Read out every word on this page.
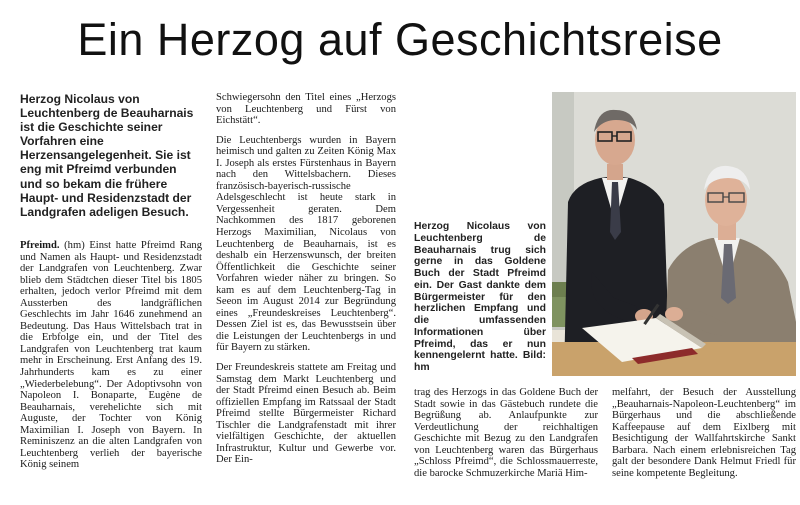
Ein Herzog auf Geschichtsreise
Herzog Nicolaus von Leuchtenberg de Beauharnais ist die Geschichte seiner Vorfahren eine Herzensangelegenheit. Sie ist eng mit Pfreimd verbunden und so bekam die frühere Haupt- und Residenzstadt der Landgrafen adeligen Besuch.

Pfreimd. (hm) Einst hatte Pfreimd Rang und Namen als Haupt- und Residenzstadt der Landgrafen von Leuchtenberg. Zwar blieb dem Städtchen dieser Titel bis 1805 erhalten, jedoch verlor Pfreimd mit dem Aussterben des landgräflichen Geschlechts im Jahr 1646 zunehmend an Bedeutung. Das Haus Wittelsbach trat in die Erbfolge ein, und der Titel des Landgrafen von Leuchtenberg trat kaum mehr in Erscheinung. Erst Anfang des 19. Jahrhunderts kam es zu einer „Wiederbelebung“. Der Adoptivsohn von Napoleon I. Bonaparte, Eugène de Beauharnais, verehelichte sich mit Auguste, der Tochter von König Maximilian I. Joseph von Bayern. In Reminiszenz an die alten Landgrafen von Leuchtenberg verlieh der bayerische König seinem

Schwiegersohn den Titel eines „Herzogs von Leuchtenberg und Fürst von Eichstätt“.

Die Leuchtenbergs wurden in Bayern heimisch und galten zu Zeiten König Max I. Joseph als erstes Fürstenhaus in Bayern nach den Wittelsbachern. Dieses französisch-bayerisch-russische Adelsgeschlecht ist heute stark in Vergessenheit geraten. Dem Nachkommen des 1817 geborenen Herzogs Maximilian, Nicolaus von Leuchtenberg de Beauharnais, ist es deshalb ein Herzenswunsch, der breiten Öffentlichkeit die Geschichte seiner Vorfahren wieder näher zu bringen. So kam es auf dem Leuchtenberg-Tag in Seeon im August 2014 zur Begründung eines „Freundeskreises Leuchtenberg“. Dessen Ziel ist es, das Bewusstsein über die Leistungen der Leuchtenbergs in und für Bayern zu stärken.

Der Freundeskreis stattete am Freitag und Samstag dem Markt Leuchtenberg und der Stadt Pfreimd einen Besuch ab. Beim offiziellen Empfang im Ratssaal der Stadt Pfreimd stellte Bürgermeister Richard Tischler die Landgrafenstadt mit ihrer vielfältigen Geschichte, der aktuellen Infrastruktur, Kultur und Gewerbe vor. Der Ein-

Herzog Nicolaus von Leuchtenberg de Beauharnais trug sich gerne in das Goldene Buch der Stadt Pfreimd ein. Der Gast dankte dem Bürgermeister für den herzlichen Empfang und die umfassenden Informationen über Pfreimd, das er nun kennengelernt hatte. Bild: hm

trag des Herzogs in das Goldene Buch der Stadt sowie in das Gästebuch rundete die Begrüßung ab. Anlaufpunkte zur Verdeutlichung der reichhaltigen Geschichte mit Bezug zu den Landgrafen von Leuchtenberg waren das Bürgerhaus „Schloss Pfreimd“, die Schlossmauerreste, die barocke Schmuzerkirche Mariä Him-

melfahrt, der Besuch der Ausstellung „Beauharnais-Napoleon-Leuchtenberg“ im Bürgerhaus und die abschließende Kaffeepause auf dem Eixlberg mit Besichtigung der Wallfahrtskirche Sankt Barbara. Nach einem erlebnisreichen Tag galt der besondere Dank Helmut Friedl für seine kompetente Begleitung.
